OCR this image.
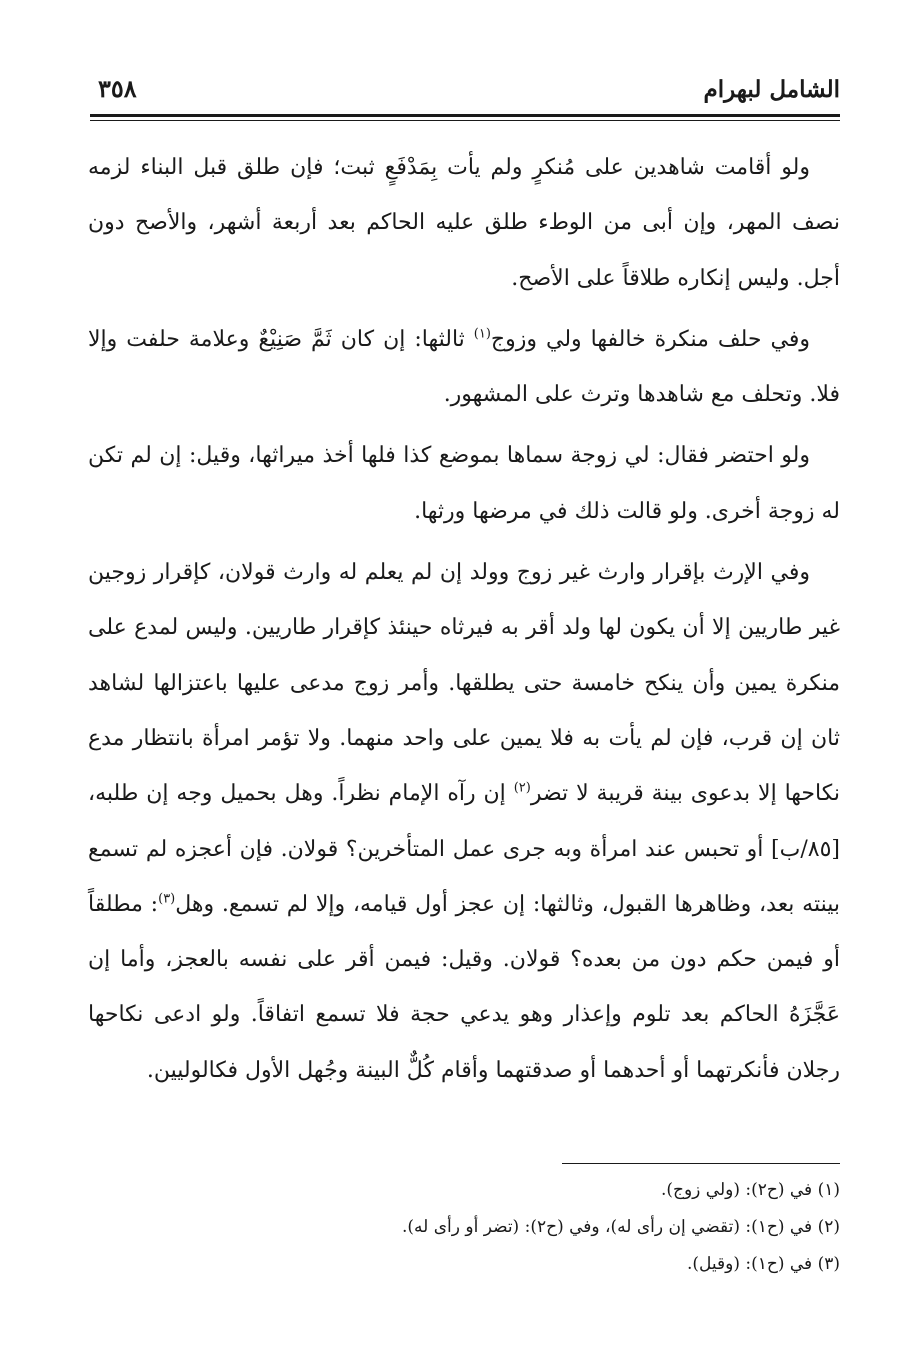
الشامل لبهرام
٣٥٨

ولو أقامت شاهدين على مُنكرٍ ولم يأت بِمَدْفَعٍ ثبت؛ فإن طلق قبل البناء لزمه نصف المهر، وإن أبى من الوطء طلق عليه الحاكم بعد أربعة أشهر، والأصح دون أجل. وليس إنكاره طلاقاً على الأصح.

وفي حلف منكرة خالفها ولي وزوج$^{(١)}$ ثالثها: إن كان ثَمَّ صَنِيْعٌ وعلامة حلفت وإلا فلا. وتحلف مع شاهدها وترث على المشهور.

ولو احتضر فقال: لي زوجة سماها بموضع كذا فلها أخذ ميراثها، وقيل: إن لم تكن له زوجة أخرى. ولو قالت ذلك في مرضها ورثها.

وفي الإرث بإقرار وارث غير زوج وولد إن لم يعلم له وارث قولان، كإقرار زوجين غير طاريين إلا أن يكون لها ولد أقر به فيرثاه حينئذ كإقرار طاريين. وليس لمدع على منكرة يمين وأن ينكح خامسة حتى يطلقها. وأمر زوج مدعى عليها باعتزالها لشاهد ثان إن قرب، فإن لم يأت به فلا يمين على واحد منهما. ولا تؤمر امرأة بانتظار مدع نكاحها إلا بدعوى بينة قريبة لا تضر$^{(٢)}$ إن رآه الإمام نظراً. وهل بحميل وجه إن طلبه، [٨٥/ب] أو تحبس عند امرأة وبه جرى عمل المتأخرين؟ قولان. فإن أعجزه لم تسمع بينته بعد، وظاهرها القبول، وثالثها: إن عجز أول قيامه، وإلا لم تسمع. وهل$^{(٣)}$: مطلقاً أو فيمن حكم دون من بعده؟ قولان. وقيل: فيمن أقر على نفسه بالعجز، وأما إن عَجَّزَهُ الحاكم بعد تلوم وإعذار وهو يدعي حجة فلا تسمع اتفاقاً. ولو ادعى نكاحها رجلان فأنكرتهما أو أحدهما أو صدقتهما وأقام كُلٌّ البينة وجُهل الأول فكالوليين.

(١) في (ح٢): (ولي زوج).

(٢) في (ح١): (تقضي إن رأى له)، وفي (ح٢): (تضر أو رأى له).

(٣) في (ح١): (وقيل).
